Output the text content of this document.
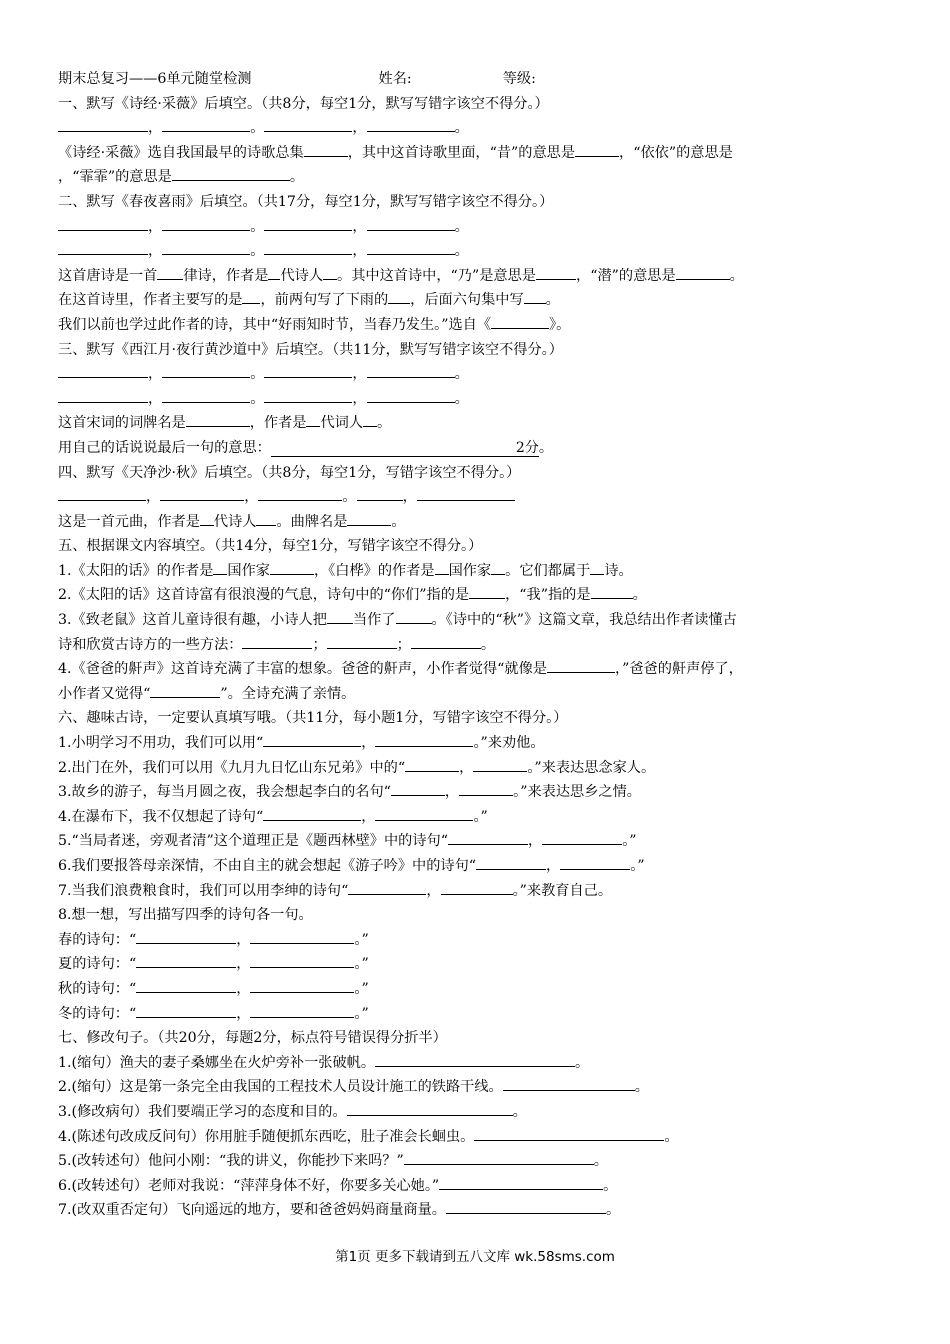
期末总复习——6单元随堂检测	姓名:	等级:
一、默写《诗经·采薇》后填空。（共8分，每空1分，默写写错字该空不得分。）
，	。	，	。
《诗经·采薇》选自我国最早的诗歌总集	，其中这首诗歌里面，“昔”的意思是	，“依依”的意思是
，“霏霏”的意思是	。
二、默写《春夜喜雨》后填空。（共17分，每空1分，默写写错字该空不得分。）
，	。	，	。
，	。	，	。
这首唐诗是一首 律诗，作者是 代诗人 。其中这首诗中，“乃”是意思是	，“潜”的意思是	。
在这首诗里，作者主要写的是 ，前两句写了下雨的 ，后面六句集中写 。
我们以前也学过此作者的诗，其中“好雨知时节，当春乃发生。”选自《	》。
三、默写《西江月·夜行黄沙道中》后填空。（共11分，默写写错字该空不得分。）
，	。	，	。
，	。	，	。
这首宋词的词牌名是	，作者是 代词人 。
用自己的话说说最后一句的意思：	2分。
四、默写《天净沙·秋》后填空。（共8分，每空1分，写错字该空不得分。）
，	，	。	，
这是一首元曲，作者是 代诗人 。曲牌名是	。
五、根据课文内容填空。（共14分，每空1分，写错字该空不得分。）
1.《太阳的话》的作者是 国作家	，《白桦》的作者是 国作家 。它们都属于 诗。
2.《太阳的话》这首诗富有很浪漫的气息，诗句中的“你们”指的是	，“我”指的是	。
3.《致老鼠》这首儿童诗很有趣，小诗人把 当作了	。《诗中的“秋”》这篇文章，我总结出作者读懂古
诗和欣赏古诗方的一些方法：	；	；	。
4.《爸爸的鼾声》这首诗充满了丰富的想象。爸爸的鼾声，小作者觉得“就像是	，”爸爸的鼾声停了，
小作者又觉得“	”。全诗充满了亲情。
六、趣味古诗，一定要认真填写哦。（共11分，每小题1分，写错字该空不得分。）
1.小明学习不用功，我们可以用“	，	。”来劝他。
2.出门在外，我们可以用《九月九日忆山东兄弟》中的“	，	。”来表达思念家人。
3.故乡的游子，每当月圆之夜，我会想起李白的名句“	，	。”来表达思乡之情。
4.在瀑布下，我不仅想起了诗句“	，	。”
5.“当局者迷，旁观者清”这个道理正是《题西林壁》中的诗句“	，	。”
6.我们要报答母亲深情，不由自主的就会想起《游子吟》中的诗句“	，	。”
7.当我们浪费粮食时，我们可以用李绅的诗句“	，	。”来教育自己。
8.想一想，写出描写四季的诗句各一句。
春的诗句：“	，	。”
夏的诗句：“	，	。”
秋的诗句：“	，	。”
冬的诗句：“	，	。”
七、修改句子。（共20分，每题2分，标点符号错误得分折半）
1.(缩句）渔夫的妻子桑娜坐在火炉旁补一张破帆。	。
2.(缩句）这是第一条完全由我国的工程技术人员设计施工的铁路干线。	。
3.(修改病句）我们要端正学习的态度和目的。	。
4.(陈述句改成反问句）你用脏手随便抓东西吃，肚子准会长蛔虫。	。
5.(改转述句）他问小刚：“我的讲义，你能抄下来吗？”	。
6.(改转述句）老师对我说：“萍萍身体不好，你要多关心她。”	。
7.(改双重否定句）飞向遥远的地方，要和爸爸妈妈商量商量。	。
第1页 更多下载请到五八文库 wk.58sms.com
